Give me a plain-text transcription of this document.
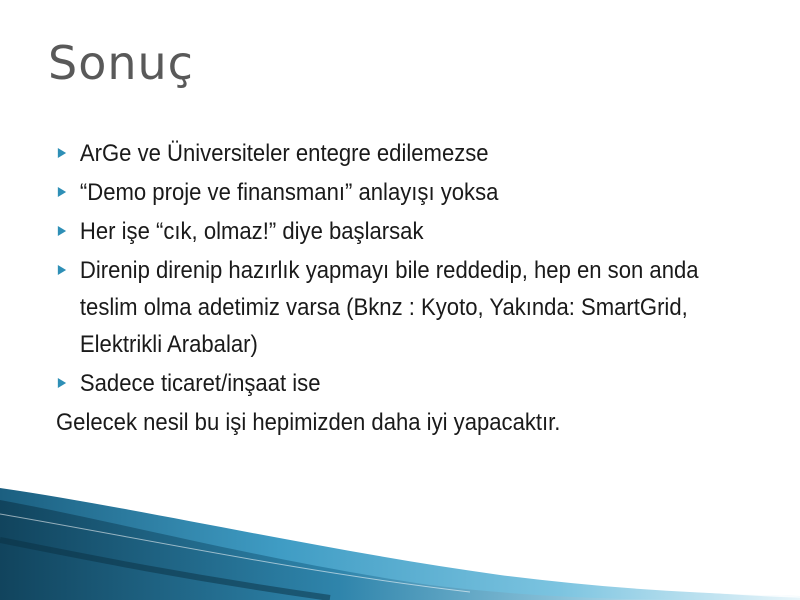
Sonuç
ArGe ve Üniversiteler entegre edilemezse
“Demo proje ve finansmanı” anlayışı yoksa
Her işe “cık, olmaz!” diye başlarsak
Direnip direnip hazırlık yapmayı bile reddedip, hep en son anda teslim olma adetimiz varsa (Bknz : Kyoto, Yakında: SmartGrid, Elektrikli Arabalar)
Sadece ticaret/inşaat ise
Gelecek nesil bu işi hepimizden daha iyi yapacaktır.
